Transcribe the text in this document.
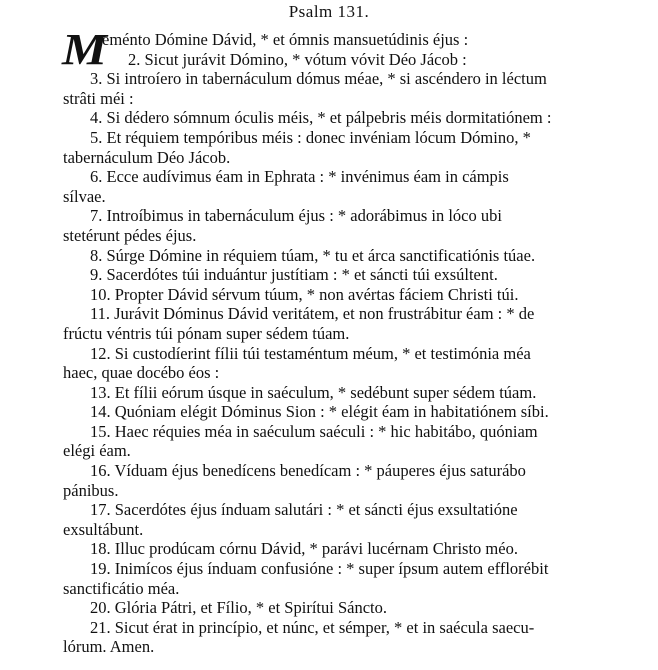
Psalm 131.
M
eménto Dómine Dávid, * et ómnis mansuetúdinis éjus :
2. Sicut jurávit Dómino, * vótum vóvit Déo Jácob :
3. Si introíero in tabernáculum dómus méae, * si ascéndero in léctum
strâti méi :
4. Si dédero sómnum óculis méis, * et pálpebris méis dormitatiónem :
5. Et réquiem tempóribus méis : donec invéniam lócum Dómino, *
tabernáculum Déo Jácob.
6. Ecce audívimus éam in Ephrata : * invénimus éam in cámpis
sílvae.
7. Introíbimus in tabernáculum éjus : * adorábimus in lóco ubi
stetérunt pédes éjus.
8. Súrge Dómine in réquiem túam, * tu et árca sanctificatiónis túae.
9. Sacerdótes túi induántur justítiam : * et sáncti túi exsúltent.
10. Propter Dávid sérvum túum, * non avértas fáciem Christi túi.
11. Jurávit Dóminus Dávid veritátem, et non frustrábitur éam : * de
frúctu véntris túi pónam super sédem túam.
12. Si custodíerint fílii túi testaméntum méum, * et testimónia méa
haec, quae docébo éos :
13. Et fílii eórum úsque in saéculum, * sedébunt super sédem túam.
14. Quóniam elégit Dóminus Sion : * elégit éam in habitatiónem síbi.
15. Haec réquies méa in saéculum saéculi : * hic habitábo, quóniam
elégi éam.
16. Víduam éjus benedícens benedícam : * páuperes éjus saturábo
pánibus.
17. Sacerdótes éjus índuam salutári : * et sáncti éjus exsultatióne
exsultábunt.
18. Illuc prodúcam córnu Dávid, * parávi lucérnam Christo méo.
19. Inimícos éjus índuam confusióne : * super ípsum autem efflorébit
sanctificátio méa.
20. Glória Pátri, et Fílio, * et Spirítui Sáncto.
21. Sicut érat in princípio, et núnc, et sémper, * et in saécula saecu-
lórum. Amen.
